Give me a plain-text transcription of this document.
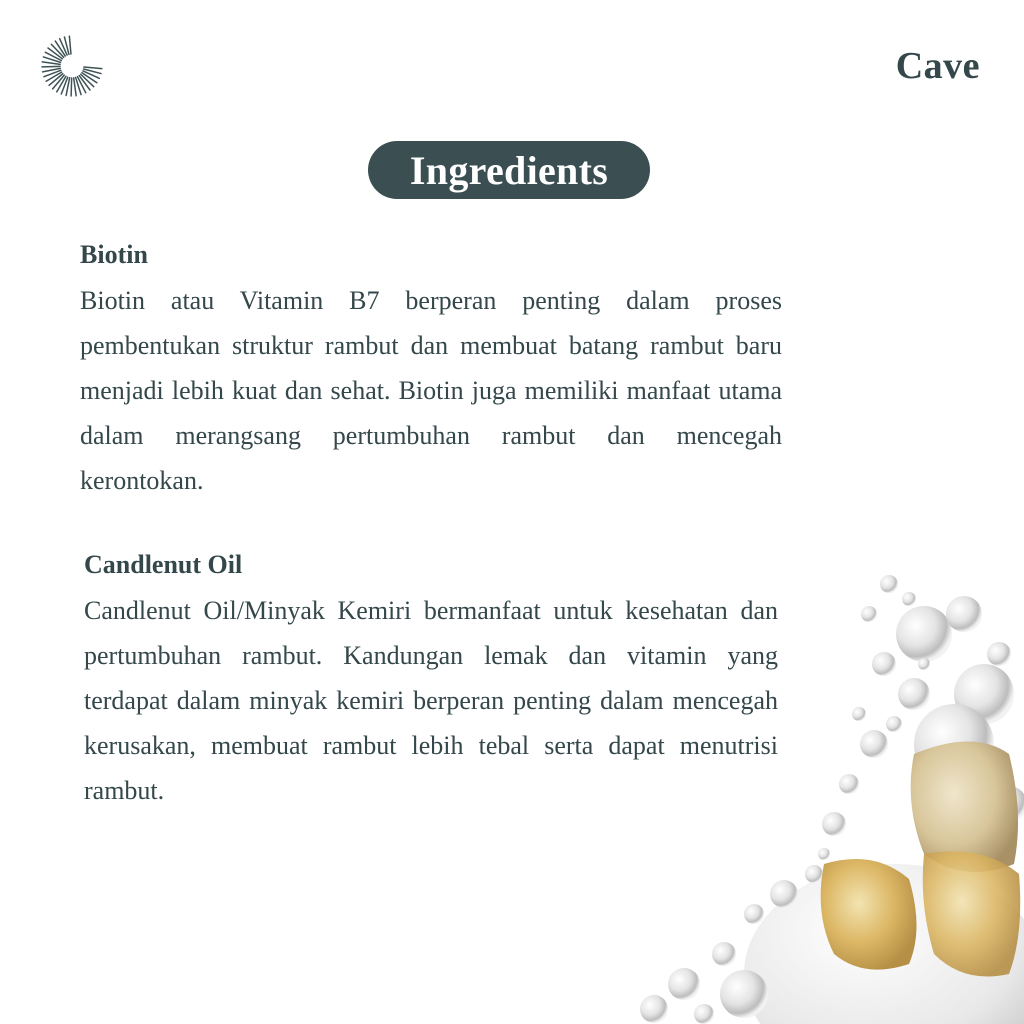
Cave
Ingredients
Biotin

Biotin atau Vitamin B7 berperan penting dalam proses pembentukan struktur rambut dan membuat batang rambut baru menjadi lebih kuat dan sehat. Biotin juga memiliki manfaat utama dalam merangsang pertumbuhan rambut dan mencegah kerontokan.

Candlenut Oil

Candlenut Oil/Minyak Kemiri bermanfaat untuk kesehatan dan pertumbuhan rambut. Kandungan lemak dan vitamin yang terdapat dalam minyak kemiri berperan penting dalam mencegah kerusakan, membuat rambut lebih tebal serta dapat menutrisi rambut.
